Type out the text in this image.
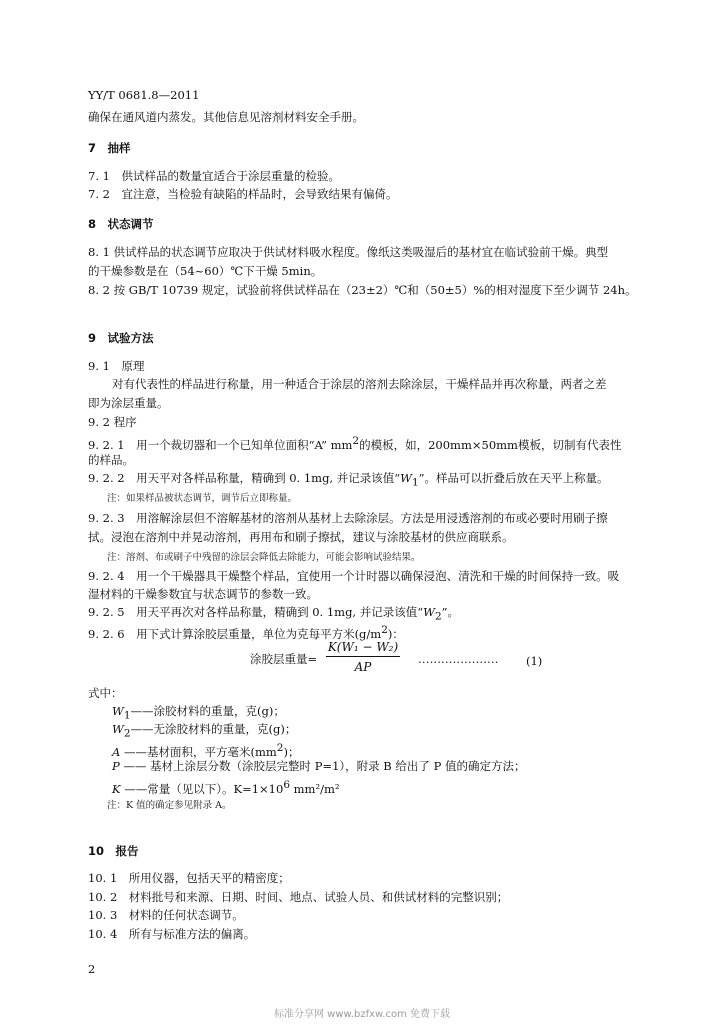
YY/T 0681.8—2011
确保在通风道内蒸发。其他信息见溶剂材料安全手册。
7　抽样
7. 1　供试样品的数量宜适合于涂层重量的检验。
7. 2　宜注意，当检验有缺陷的样品时，会导致结果有偏倚。
8　状态调节
8. 1 供试样品的状态调节应取决于供试材料吸水程度。像纸这类吸湿后的基材宜在临试验前干燥。典型
的干燥参数是在（54~60）℃下干燥 5min。
8. 2 按 GB/T 10739 规定，试验前将供试样品在（23±2）℃和（50±5）%的相对湿度下至少调节 24h。
9　试验方法
9. 1　原理
对有代表性的样品进行称量，用一种适合于涂层的溶剂去除涂层，干燥样品并再次称量，两者之差
即为涂层重量。
9. 2 程序
9. 2. 1　用一个裁切器和一个已知单位面积“A” $mm^2$的模板，如，200mm×50mm模板，切制有代表性
的样品。
9. 2. 2　用天平对各样品称量，精确到 0. 1mg, 并记录该值“$W_1$”。样品可以折叠后放在天平上称量。
注：如果样品被状态调节，调节后立即称量。
9. 2. 3　用溶解涂层但不溶解基材的溶剂从基材上去除涂层。方法是用浸透溶剂的布或必要时用刷子擦
拭。浸泡在溶剂中并晃动溶剂，再用布和刷子擦拭，建议与涂胶基材的供应商联系。
注：溶剂、布或刷子中残留的涂层会降低去除能力，可能会影响试验结果。
9. 2. 4　用一个干燥器具干燥整个样品，宜使用一个计时器以确保浸泡、清洗和干燥的时间保持一致。吸
湿材料的干燥参数宜与状态调节的参数一致。
9. 2. 5　用天平再次对各样品称量，精确到 0. 1mg, 并记录该值“$W_2$”。
9. 2. 6　用下式计算涂胶层重量，单位为克每平方米$(g/m^2)$：
涂胶层重量= $\frac{\text{K(W₁ − W₂)}}{AP}$ ………………… (1)
式中：
$W_1——$涂胶材料的重量，克(g)；
$W_2——$无涂胶材料的重量，克(g)；
A ——基材面积，平方毫米$(mm^2)$；
P —— 基材上涂层分数（涂胶层完整时 P=1），附录 B 给出了 P 值的确定方法；
K ——常量（见以下）。$K=1\times 10^6$ mm²/m²
注：K 值的确定参见附录 A。
10　报告
10. 1　所用仪器，包括天平的精密度；
10. 2　材料批号和来源、日期、时间、地点、试验人员、和供试材料的完整识别；
10. 3　材料的任何状态调节。
10. 4　所有与标准方法的偏离。
2
标准分享网 www.bzfxw.com 免费下载
